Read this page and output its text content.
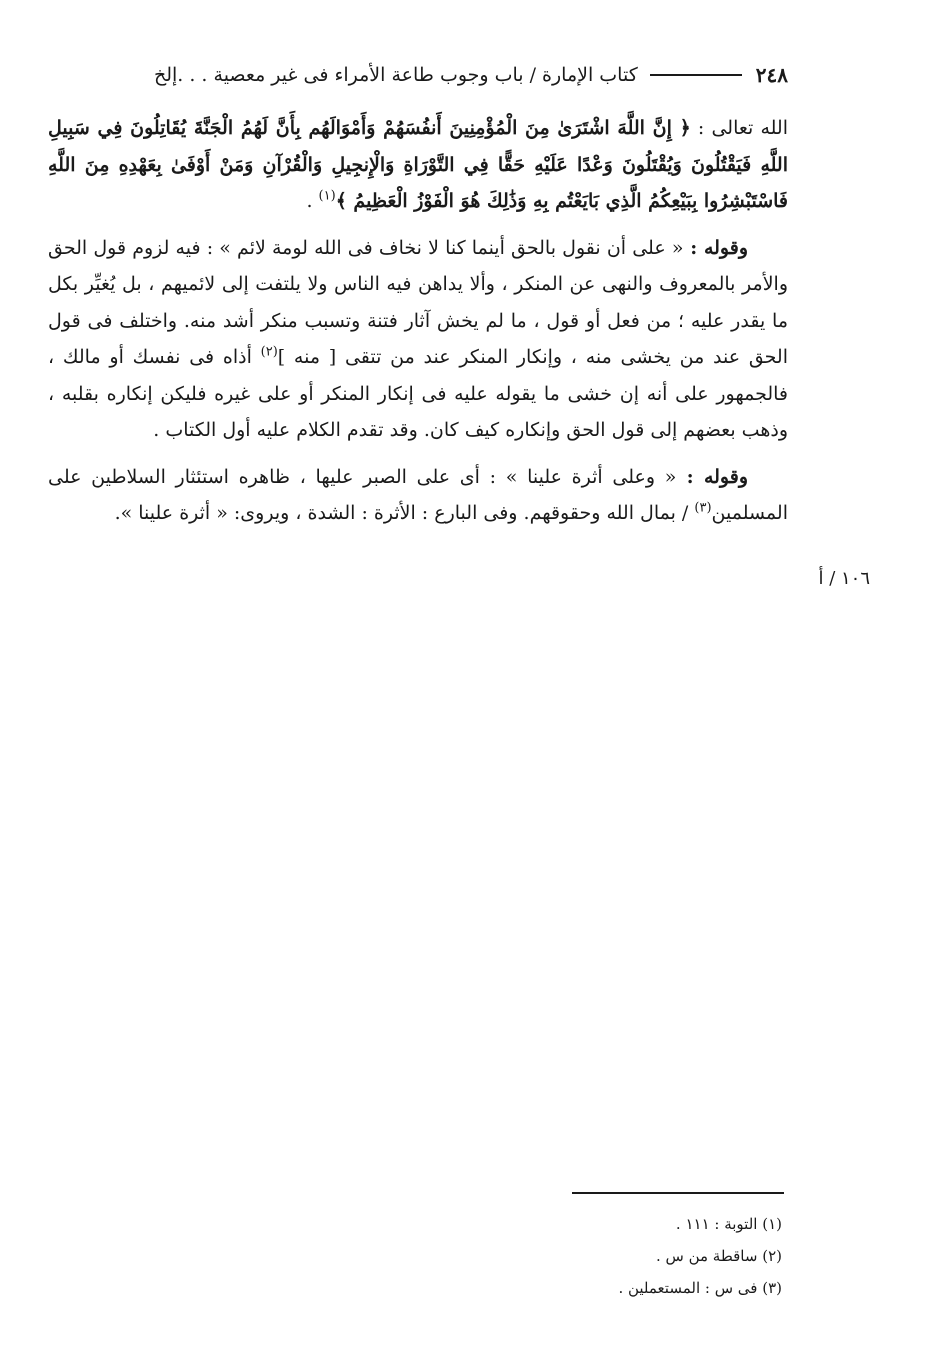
٢٤٨
كتاب الإمارة / باب وجوب طاعة الأمراء فى غير معصية . . .إلخ

الله تعالى : ﴿ إِنَّ اللَّهَ اشْتَرَىٰ مِنَ الْمُؤْمِنِينَ أَنفُسَهُمْ وَأَمْوَالَهُم بِأَنَّ لَهُمُ الْجَنَّةَ يُقَاتِلُونَ فِي سَبِيلِ اللَّهِ فَيَقْتُلُونَ وَيُقْتَلُونَ وَعْدًا عَلَيْهِ حَقًّا فِي التَّوْرَاةِ وَالْإِنجِيلِ وَالْقُرْآنِ وَمَنْ أَوْفَىٰ بِعَهْدِهِ مِنَ اللَّهِ فَاسْتَبْشِرُوا بِبَيْعِكُمُ الَّذِي بَايَعْتُم بِهِ وَذَٰلِكَ هُوَ الْفَوْزُ الْعَظِيمُ ﴾$^{(١)}$ .

وقوله : « على أن نقول بالحق أينما كنا لا نخاف فى الله لومة لائم » : فيه لزوم قول الحق والأمر بالمعروف والنهى عن المنكر ، وألا يداهن فيه الناس ولا يلتفت إلى لائميهم ، بل يُغيِّر بكل ما يقدر عليه ؛ من فعل أو قول ، ما لم يخش آثار فتنة وتسبب منكر أشد منه. واختلف فى قول الحق عند من يخشى منه ، وإنكار المنكر عند من تتقى [ منه ]$^{(٢)}$ أذاه فى نفسك أو مالك ، فالجمهور على أنه إن خشى ما يقوله عليه فى إنكار المنكر أو على غيره فليكن إنكاره بقلبه ، وذهب بعضهم إلى قول الحق وإنكاره كيف كان. وقد تقدم الكلام عليه أول الكتاب .

وقوله : « وعلى أثرة علينا » : أى على الصبر عليها ، ظاهره استئثار السلاطين على المسلمين$^{(٣)}$ / بمال الله وحقوقهم. وفى البارع : الأثرة : الشدة ، ويروى: « أثرة علينا ».

١٠٦ / أ
(١) التوبة : ١١١ .
(٢) ساقطة من س .
(٣) فى س : المستعملين .
